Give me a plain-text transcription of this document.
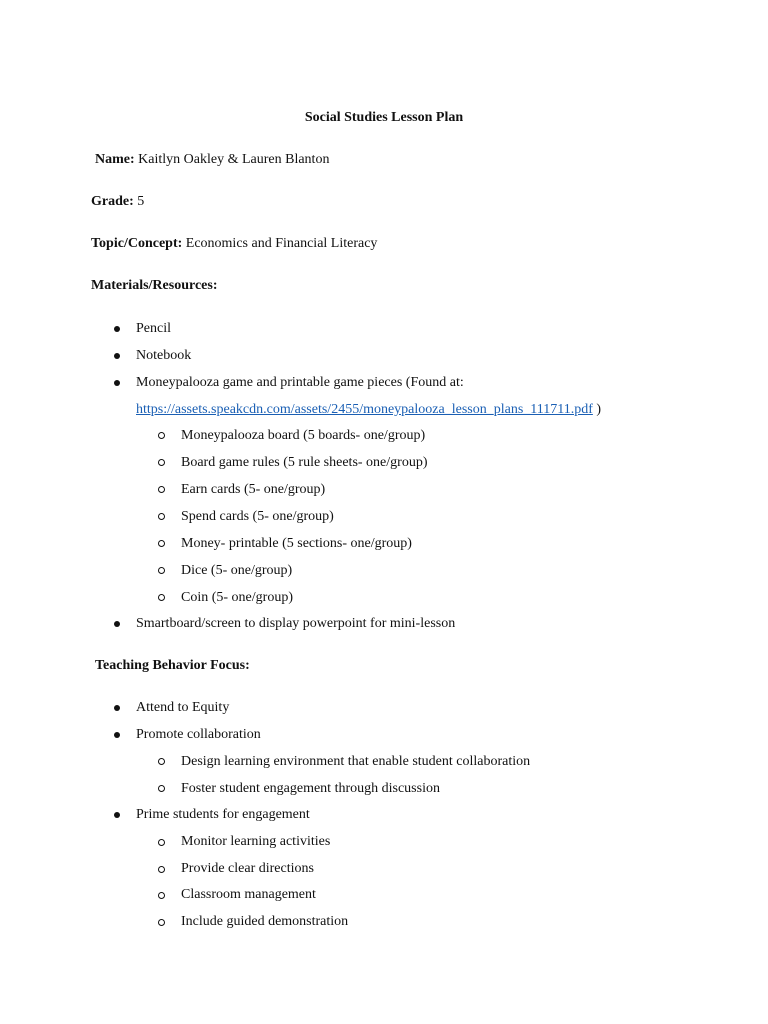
Social Studies Lesson Plan
Name: Kaitlyn Oakley & Lauren Blanton
Grade: 5
Topic/Concept: Economics and Financial Literacy
Materials/Resources:
Pencil
Notebook
Moneypalooza game and printable game pieces (Found at:
https://assets.speakcdn.com/assets/2455/moneypalooza_lesson_plans_111711.pdf )
Moneypalooza board (5 boards- one/group)
Board game rules (5 rule sheets- one/group)
Earn cards (5- one/group)
Spend cards (5- one/group)
Money- printable (5 sections- one/group)
Dice (5- one/group)
Coin (5- one/group)
Smartboard/screen to display powerpoint for mini-lesson
Teaching Behavior Focus:
Attend to Equity
Promote collaboration
Design learning environment that enable student collaboration
Foster student engagement through discussion
Prime students for engagement
Monitor learning activities
Provide clear directions
Classroom management
Include guided demonstration
